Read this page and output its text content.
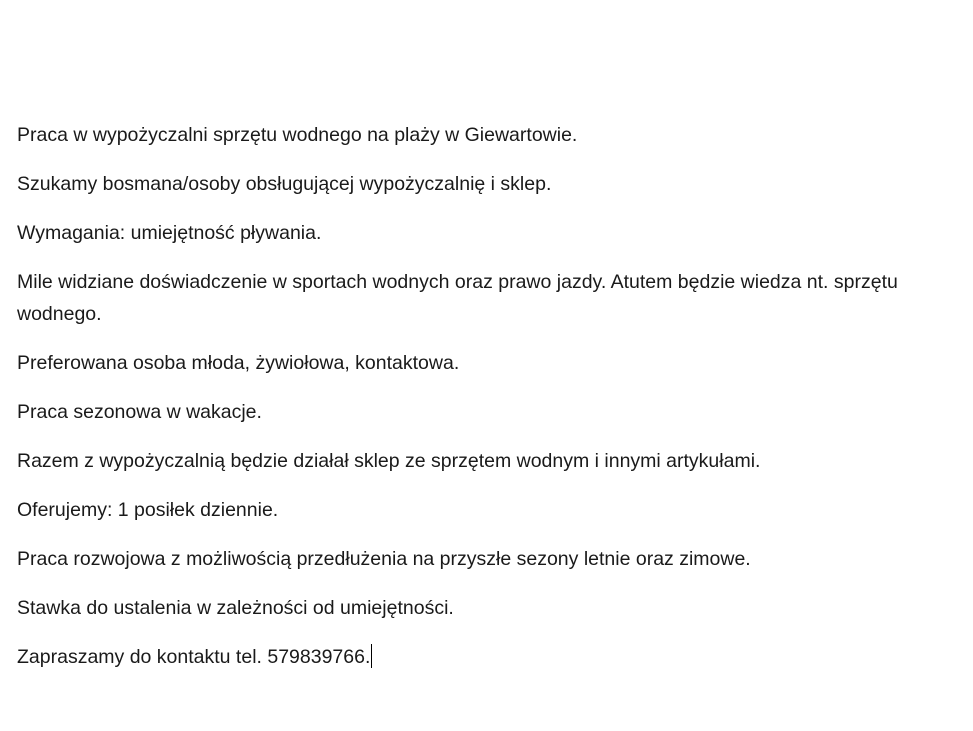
Praca w wypożyczalni sprzętu wodnego na plaży w Giewartowie.

Szukamy bosmana/osoby obsługującej wypożyczalnię i sklep.

Wymagania: umiejętność pływania.

Mile widziane doświadczenie w sportach wodnych oraz prawo jazdy. Atutem będzie wiedza nt. sprzętu wodnego.

Preferowana osoba młoda, żywiołowa, kontaktowa.

Praca sezonowa w wakacje.

Razem z wypożyczalnią będzie działał sklep ze sprzętem wodnym i innymi artykułami.

Oferujemy: 1 posiłek dziennie.

Praca rozwojowa z możliwością przedłużenia na przyszłe sezony letnie oraz zimowe.

Stawka do ustalenia w zależności od umiejętności.

Zapraszamy do kontaktu tel. 579839766.
